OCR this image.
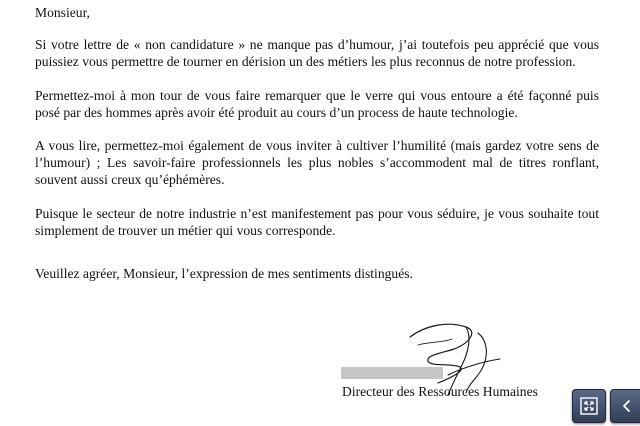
Monsieur,

Si votre lettre de « non candidature » ne manque pas d’humour, j’ai toutefois peu apprécié que vous puissiez vous permettre de tourner en dérision un des métiers les plus reconnus de notre profession.

Permettez-moi à mon tour de vous faire remarquer que le verre qui vous entoure a été façonné puis posé par des hommes après avoir été produit au cours d’un process de haute technologie.

A vous lire, permettez-moi également de vous inviter à cultiver l’humilité (mais gardez votre sens de l’humour) ; Les savoir-faire professionnels les plus nobles s’accommodent mal de titres ronflant, souvent aussi creux qu’éphémères.

Puisque le secteur de notre industrie n’est manifestement pas pour vous séduire, je vous souhaite tout simplement de trouver un métier qui vous corresponde.

Veuillez agréer, Monsieur, l’expression de mes sentiments distingués.

Directeur des Ressources Humaines
